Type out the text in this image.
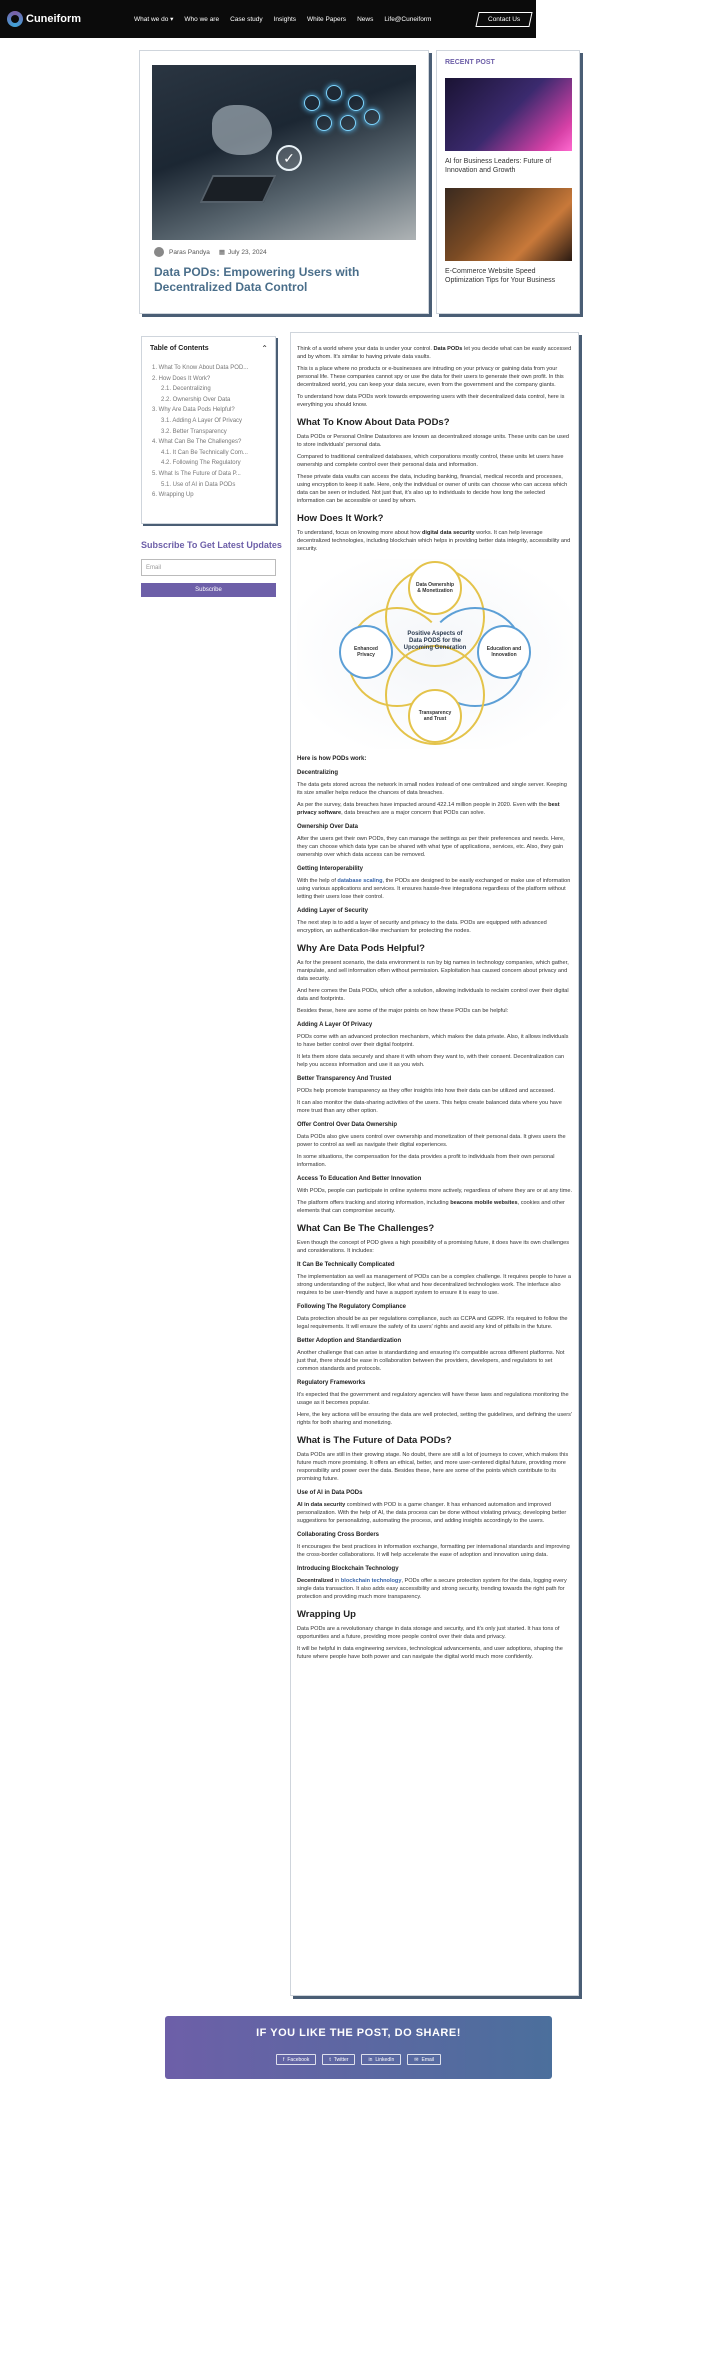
Cuneiform	What we do
▾ Who we are Case study Insights White Papers News Life@Cuneiform	Contact Us
✓
Paras Pandya ▦ July 23, 2024
Data PODs: Empowering Users with Decentralized Data Control
RECENT POST
AI for Business Leaders: Future of Innovation and Growth
E-Commerce Website Speed Optimization Tips for Your Business
Table of Contents	⌃
1. What To Know About Data POD...
2. How Does It Work?
2.1. Decentralizing
2.2. Ownership Over Data
3. Why Are Data Pods Helpful?
3.1. Adding A Layer Of Privacy
3.2. Better Transparency
4. What Can Be The Challenges?
4.1. It Can Be Technically Com...
4.2. Following The Regulatory
5. What Is The Future of Data P...
5.1. Use of AI in Data PODs
6. Wrapping Up
Subscribe To Get Latest Updates
Email
Subscribe

Think of a world where your data is under your control. Data PODs let you decide what can be easily accessed and by whom. It's similar to having private data vaults.

This is a place where no products or e-businesses are intruding on your privacy or gaining data from your personal life. These companies cannot spy or use the data for their users to generate their own profit. In this decentralized world, you can keep your data secure, even from the government and the company giants.

To understand how data PODs work towards empowering users with their decentralized data control, here is everything you should know.

What To Know About Data PODs?

Data PODs or Personal Online Datastores are known as decentralized storage units. These units can be used to store individuals' personal data.

Compared to traditional centralized databases, which corporations mostly control, these units let users have ownership and complete control over their personal data and information.

These private data vaults can access the data, including banking, financial, medical records and processes, using encryption to keep it safe. Here, only the individual or owner of units can choose who can access which data can be seen or included. Not just that, it's also up to individuals to decide how long the selected information can be accessible or used by whom.

How Does It Work?

To understand, focus on knowing more about how digital data security works. It can help leverage decentralized technologies, including blockchain which helps in providing better data integrity, accessibility and security.

Data Ownership & Monetization
Education and Innovation
Transparency and Trust
Enhanced Privacy
Positive Aspects of Data PODS for the Upcoming Generation
Here is how PODs work:
Decentralizing

The data gets stored across the network in small nodes instead of one centralized and single server. Keeping its size smaller helps reduce the chances of data breaches.

As per the survey, data breaches have impacted around 422.14 million people in 2020. Even with the best privacy software, data breaches are a major concern that PODs can solve.

Ownership Over Data

After the users get their own PODs, they can manage the settings as per their preferences and needs. Here, they can choose which data type can be shared with what type of applications, services, etc. Also, they gain ownership over which data access can be removed.

Getting Interoperability

With the help of database scaling, the PODs are designed to be easily exchanged or make use of information using various applications and services. It ensures hassle-free integrations regardless of the platform without letting their users lose their control.

Adding Layer of Security

The next step is to add a layer of security and privacy to the data. PODs are equipped with advanced encryption, an authentication-like mechanism for protecting the nodes.

Why Are Data Pods Helpful?

As for the present scenario, the data environment is run by big names in technology companies, which gather, manipulate, and sell information often without permission. Exploitation has caused concern about privacy and data security.

And here comes the Data PODs, which offer a solution, allowing individuals to reclaim control over their digital data and footprints.

Besides these, here are some of the major points on how these PODs can be helpful:

Adding A Layer Of Privacy

PODs come with an advanced protection mechanism, which makes the data private. Also, it allows individuals to have better control over their digital footprint.

It lets them store data securely and share it with whom they want to, with their consent. Decentralization can help you access information and use it as you wish.

Better Transparency And Trusted

PODs help promote transparency as they offer insights into how their data can be utilized and accessed.

It can also monitor the data-sharing activities of the users. This helps create balanced data where you have more trust than any other option.

Offer Control Over Data Ownership

Data PODs also give users control over ownership and monetization of their personal data. It gives users the power to control as well as navigate their digital experiences.

In some situations, the compensation for the data provides a profit to individuals from their own personal information.

Access To Education And Better Innovation

With PODs, people can participate in online systems more actively, regardless of where they are or at any time.

The platform offers tracking and storing information, including beacons mobile websites, cookies and other elements that can compromise security.

What Can Be The Challenges?

Even though the concept of POD gives a high possibility of a promising future, it does have its own challenges and considerations. It includes:

It Can Be Technically Complicated

The implementation as well as management of PODs can be a complex challenge. It requires people to have a strong understanding of the subject, like what and how decentralized technologies work. The interface also requires to be user-friendly and have a support system to ensure it is easy to use.

Following The Regulatory Compliance

Data protection should be as per regulations compliance, such as CCPA and GDPR. It's required to follow the legal requirements. It will ensure the safety of its users' rights and avoid any kind of pitfalls in the future.

Better Adoption and Standardization

Another challenge that can arise is standardizing and ensuring it's compatible across different platforms. Not just that, there should be ease in collaboration between the providers, developers, and regulators to set common standards and protocols.

Regulatory Frameworks

It's expected that the government and regulatory agencies will have these laws and regulations monitoring the usage as it becomes popular.

Here, the key actions will be ensuring the data are well protected, setting the guidelines, and defining the users' rights for both sharing and monetizing.

What is The Future of Data PODs?

Data PODs are still in their growing stage. No doubt, there are still a lot of journeys to cover, which makes this future much more promising. It offers an ethical, better, and more user-centered digital future, providing more responsibility and power over the data. Besides these, here are some of the points which contribute to its promising future.

Use of AI in Data PODs

AI in data security combined with POD is a game changer. It has enhanced automation and improved personalization. With the help of AI, the data process can be done without violating privacy, developing better suggestions for personalizing, automating the process, and adding insights accordingly to the users.

Collaborating Cross Borders

It encourages the best practices in information exchange, formatting per international standards and improving the cross-border collaborations. It will help accelerate the ease of adoption and innovation using data.

Introducing Blockchain Technology

Decentralized in blockchain technology, PODs offer a secure protection system for the data, logging every single data transaction. It also adds easy accessibility and strong security, trending towards the right path for protection and providing much more transparency.

Wrapping Up

Data PODs are a revolutionary change in data storage and security, and it's only just started. It has tons of opportunities and a future, providing more people control over their data and privacy.

It will be helpful in data engineering services, technological advancements, and user adoptions, shaping the future where people have both power and can navigate the digital world much more confidently.

IF YOU LIKE THE POST, DO SHARE!
f Facebook	t Twitter	in LinkedIn	✉ Email
